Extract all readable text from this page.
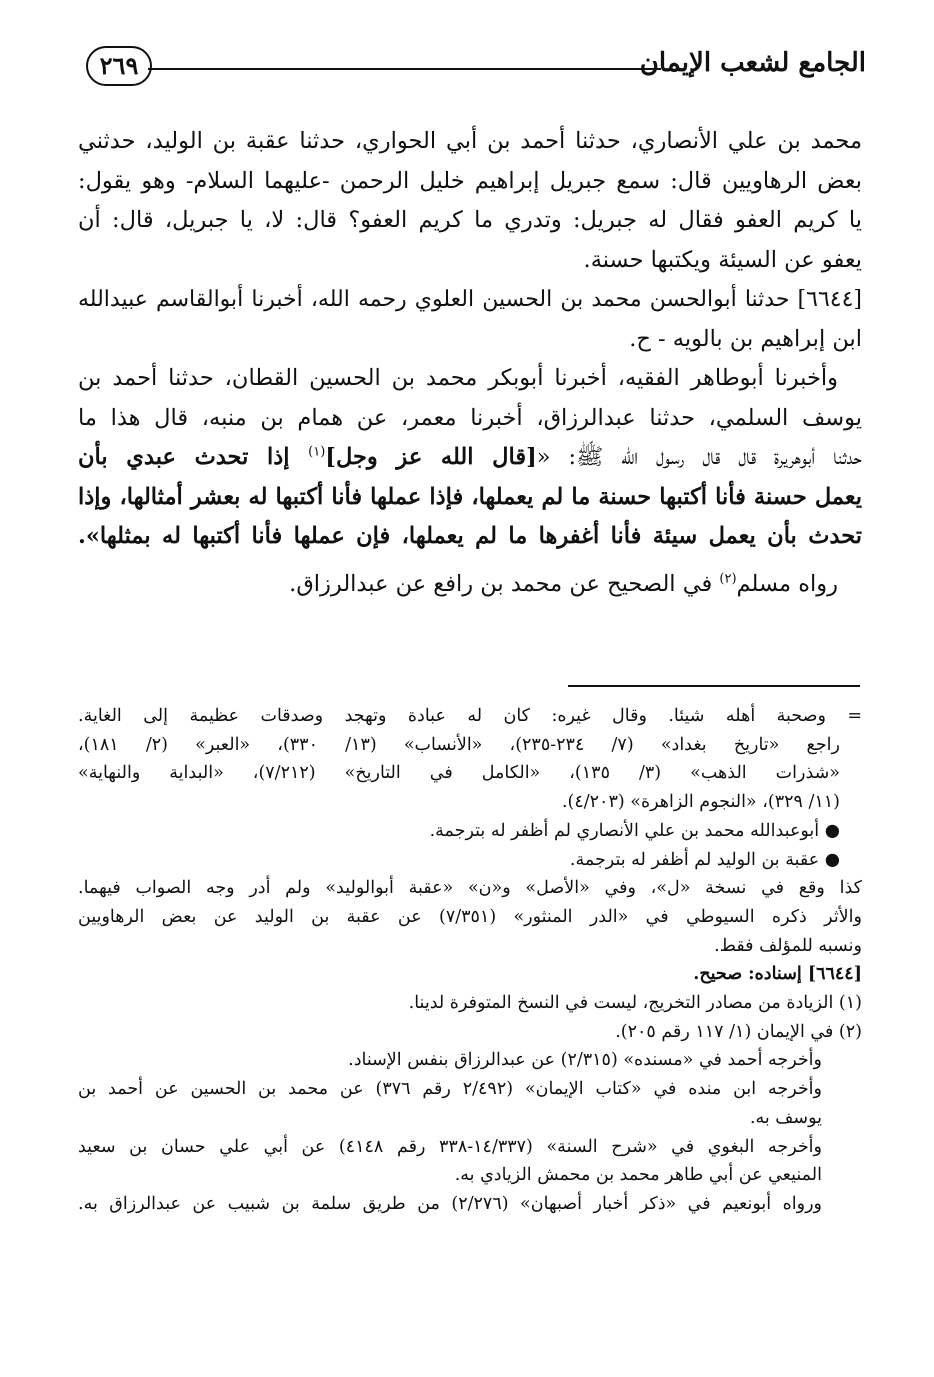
الجامع لشعب الإيمان
٢٦٩
محمد بن علي الأنصاري، حدثنا أحمد بن أبي الحواري، حدثنا عقبة بن الوليد، حدثني
بعض الرهاويين قال: سمع جبريل إبراهيم خليل الرحمن -عليهما السلام- وهو يقول:
يا كريم العفو فقال له جبريل: وتدري ما كريم العفو؟ قال: لا، يا جبريل، قال: أن
يعفو عن السيئة ويكتبها حسنة.
[٦٦٤٤] حدثنا أبوالحسن محمد بن الحسين العلوي رحمه الله، أخبرنا أبوالقاسم عبيدالله
ابن إبراهيم بن بالويه - ح.
وأخبرنا أبوطاهر الفقيه، أخبرنا أبوبكر محمد بن الحسين القطان، حدثنا أحمد بن
يوسف السلمي، حدثنا عبدالرزاق، أخبرنا معمر، عن همام بن منبه، قال هذا ما
حدثنا أبوهريرة قال قال رسول الله ﷺ: «[قال الله عز وجل]$^{(١)}$ إذا تحدث عبدي بأن
يعمل حسنة فأنا أكتبها حسنة ما لم يعملها، فإذا عملها فأنا أكتبها له بعشر أمثالها، وإذا
تحدث بأن يعمل سيئة فأنا أغفرها ما لم يعملها، فإن عملها فأنا أكتبها له بمثلها».
رواه مسلم$^{(٢)}$ في الصحيح عن محمد بن رافع عن عبدالرزاق.
= وصحبة أهله شيئا. وقال غيره: كان له عبادة وتهجد وصدقات عظيمة إلى الغاية.
راجع «تاريخ بغداد» (٧/ ٢٣٤-٢٣٥)، «الأنساب» (١٣/ ٣٣٠)، «العبر» (٢/ ١٨١)،
«شذرات الذهب» (٣/ ١٣٥)، «الكامل في التاريخ» (٧/٢١٢)، «البداية والنهاية»
(١١/ ٣٢٩)، «النجوم الزاهرة» (٤/٢٠٣).
● أبوعبدالله محمد بن علي الأنصاري لم أظفر له بترجمة.
● عقبة بن الوليد لم أظفر له بترجمة.
كذا وقع في نسخة «ل»، وفي «الأصل» و«ن» «عقبة أبوالوليد» ولم أدر وجه الصواب فيهما.
والأثر ذكره السيوطي في «الدر المنثور» (٧/٣٥١) عن عقبة بن الوليد عن بعض الرهاويين
ونسبه للمؤلف فقط.
[٦٦٤٤] إسناده: صحيح.
(١) الزيادة من مصادر التخريج، ليست في النسخ المتوفرة لدينا.
(٢) في الإيمان (١/ ١١٧ رقم ٢٠٥).
وأخرجه أحمد في «مسنده» (٢/٣١٥) عن عبدالرزاق بنفس الإسناد.
وأخرجه ابن منده في «كتاب الإيمان» (٢/٤٩٢ رقم ٣٧٦) عن محمد بن الحسين عن أحمد بن
يوسف به.
وأخرجه البغوي في «شرح السنة» (١٤/٣٣٧-٣٣٨ رقم ٤١٤٨) عن أبي علي حسان بن سعيد
المنيعي عن أبي طاهر محمد بن محمش الزيادي به.
ورواه أبونعيم في «ذكر أخبار أصبهان» (٢/٢٧٦) من طريق سلمة بن شبيب عن عبدالرزاق به.
